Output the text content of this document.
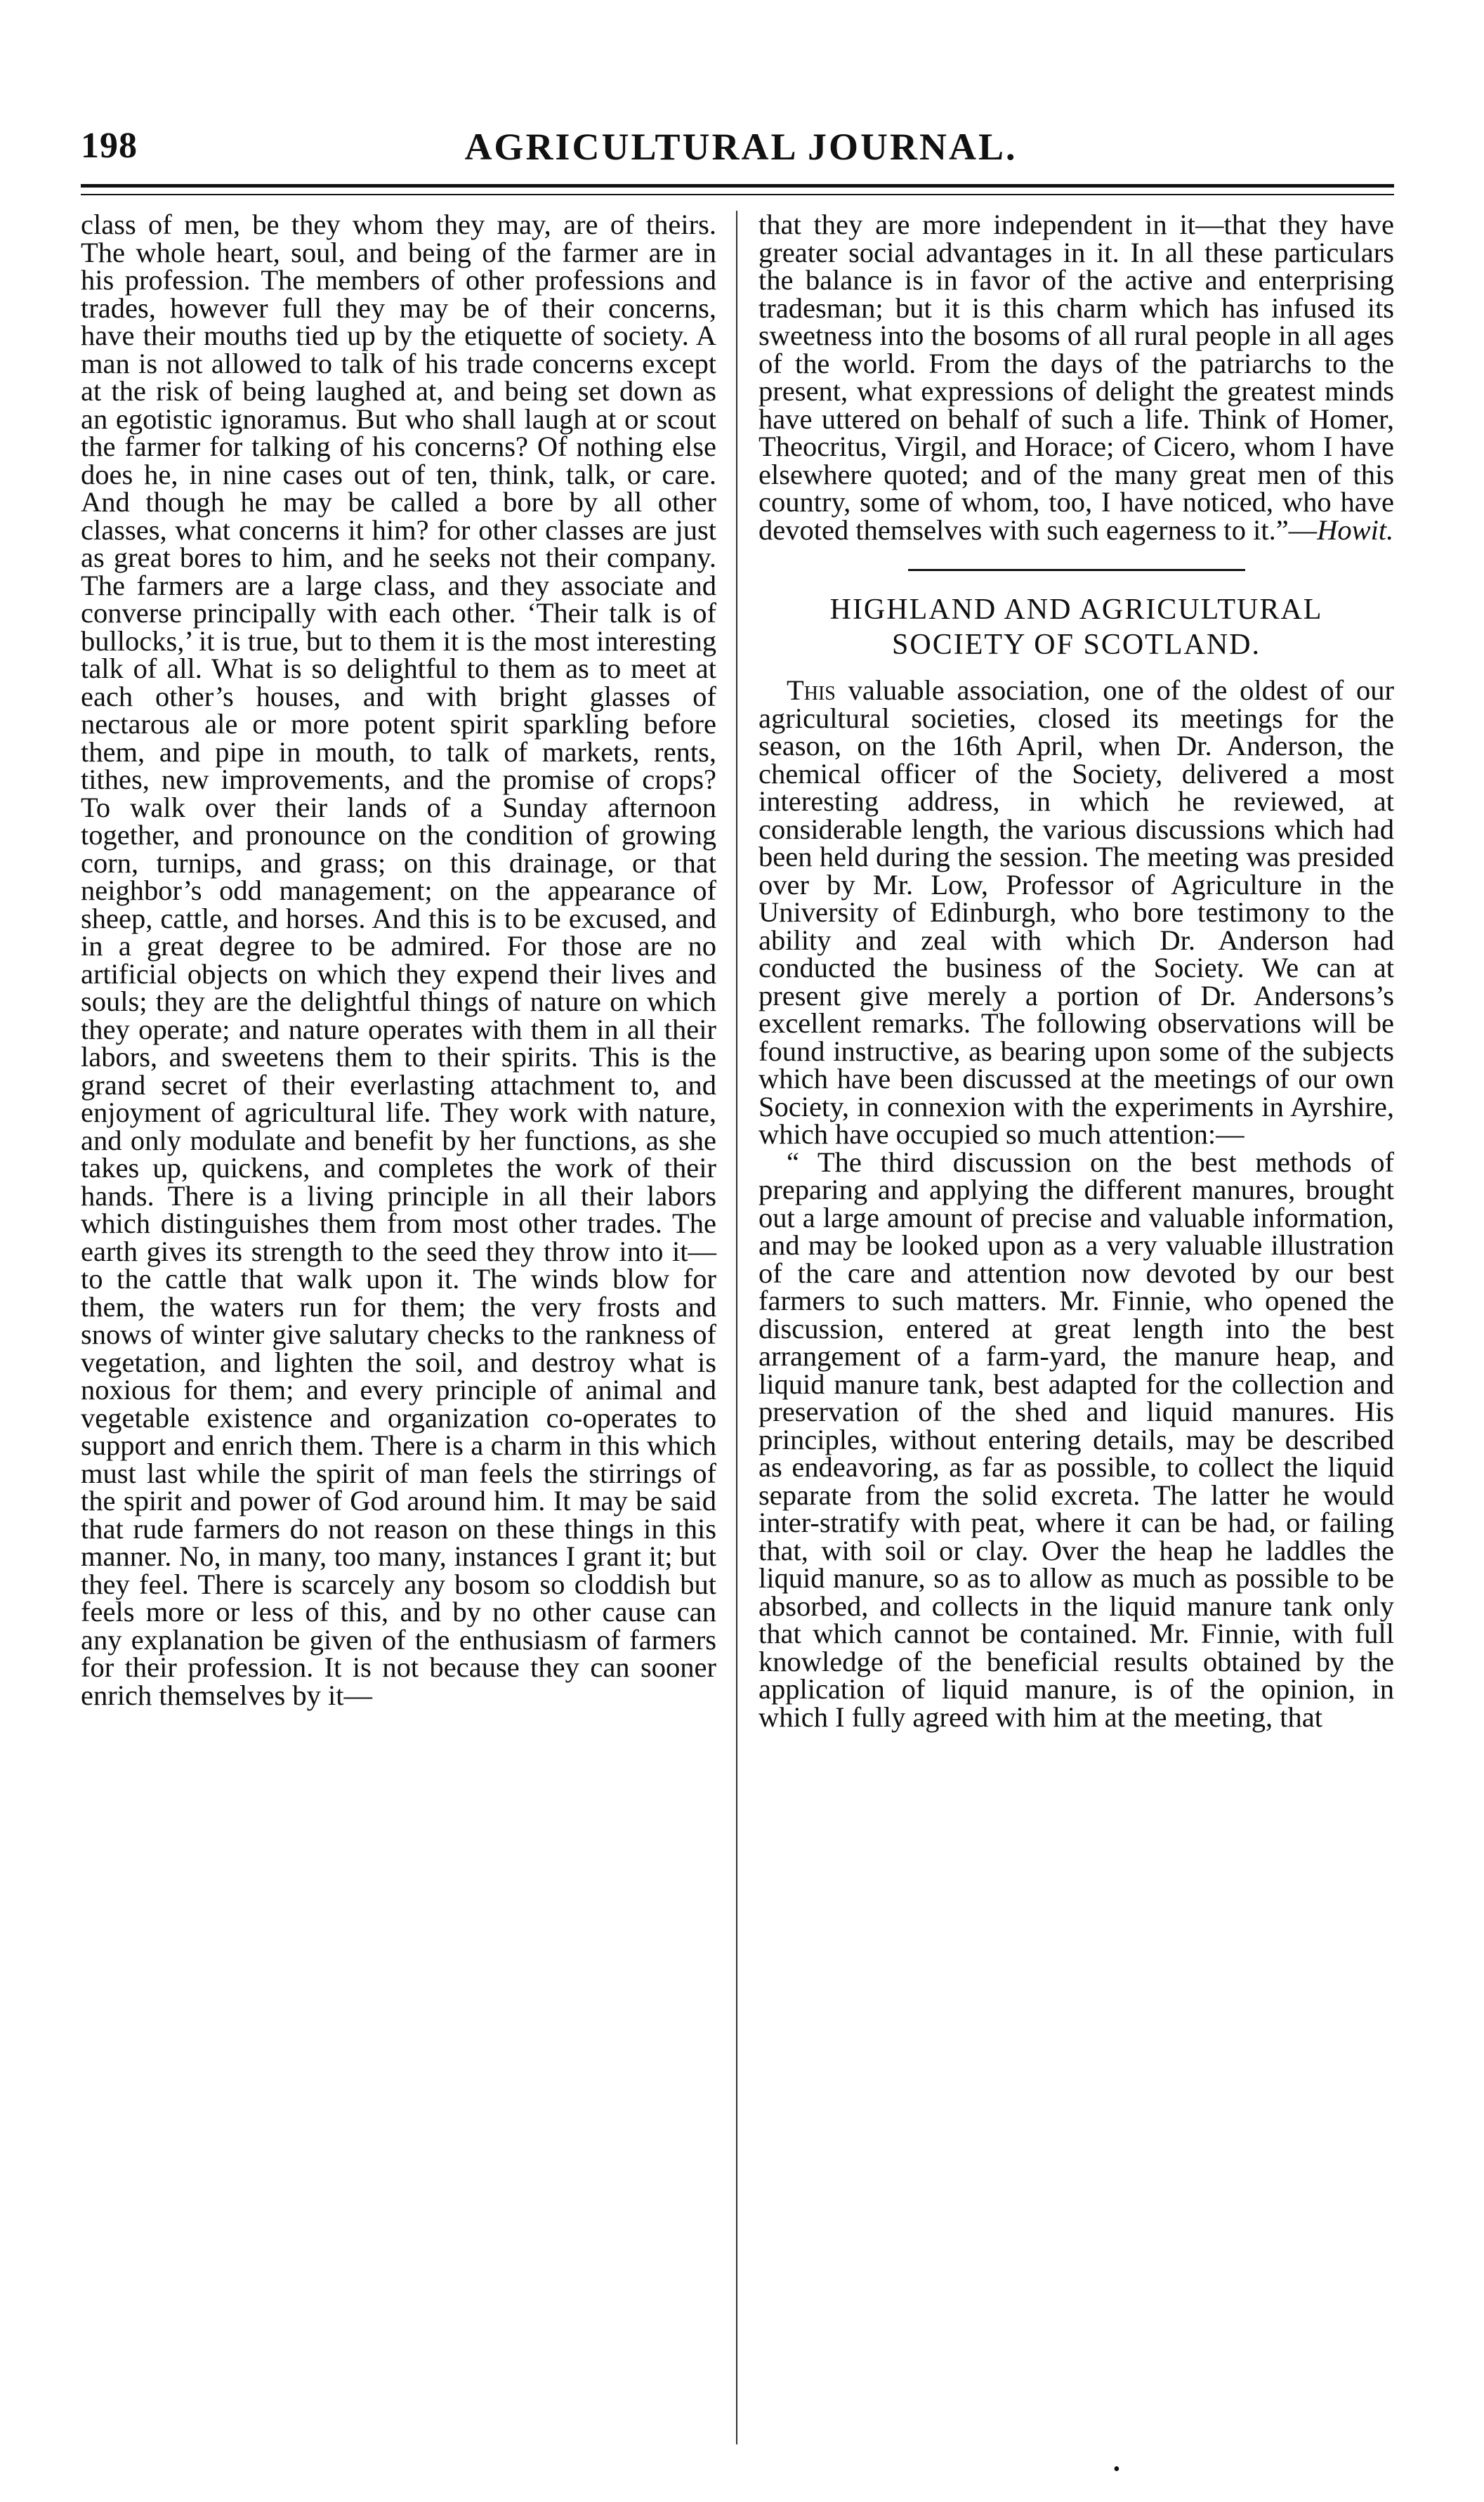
198	AGRICULTURAL JOURNAL.

class of men, be they whom they may, are of theirs. The whole heart, soul, and being of the farmer are in his profession. The members of other professions and trades, however full they may be of their concerns, have their mouths tied up by the etiquette of society. A man is not allowed to talk of his trade concerns except at the risk of being laughed at, and being set down as an egotistic ignoramus. But who shall laugh at or scout the farmer for talking of his concerns? Of nothing else does he, in nine cases out of ten, think, talk, or care. And though he may be called a bore by all other classes, what concerns it him? for other classes are just as great bores to him, and he seeks not their company. The farmers are a large class, and they associate and converse principally with each other. ‘Their talk is of bullocks,’ it is true, but to them it is the most interesting talk of all. What is so delightful to them as to meet at each other’s houses, and with bright glasses of nectarous ale or more potent spirit sparkling before them, and pipe in mouth, to talk of markets, rents, tithes, new improvements, and the promise of crops? To walk over their lands of a Sunday afternoon together, and pronounce on the condition of growing corn, turnips, and grass; on this drainage, or that neighbor’s odd management; on the appearance of sheep, cattle, and horses. And this is to be excused, and in a great degree to be admired. For those are no artificial objects on which they expend their lives and souls; they are the delightful things of nature on which they operate; and nature operates with them in all their labors, and sweetens them to their spirits. This is the grand secret of their everlasting attachment to, and enjoyment of agricultural life. They work with nature, and only modulate and benefit by her functions, as she takes up, quickens, and completes the work of their hands. There is a living principle in all their labors which distinguishes them from most other trades. The earth gives its strength to the seed they throw into it—to the cattle that walk upon it. The winds blow for them, the waters run for them; the very frosts and snows of winter give salutary checks to the rankness of vegetation, and lighten the soil, and destroy what is noxious for them; and every principle of animal and vegetable existence and organization co-operates to support and enrich them. There is a charm in this which must last while the spirit of man feels the stirrings of the spirit and power of God around him. It may be said that rude farmers do not reason on these things in this manner. No, in many, too many, instances I grant it; but they feel. There is scarcely any bosom so cloddish but feels more or less of this, and by no other cause can any explanation be given of the enthusiasm of farmers for their profession. It is not because they can sooner enrich themselves by it—

that they are more independent in it—that they have greater social advantages in it. In all these particulars the balance is in favor of the active and enterprising tradesman; but it is this charm which has infused its sweetness into the bosoms of all rural people in all ages of the world. From the days of the patriarchs to the present, what expressions of delight the greatest minds have uttered on behalf of such a life. Think of Homer, Theocritus, Virgil, and Horace; of Cicero, whom I have elsewhere quoted; and of the many great men of this country, some of whom, too, I have noticed, who have devoted themselves with such eagerness to it.”—Howit.

HIGHLAND AND AGRICULTURAL
SOCIETY OF SCOTLAND.

This valuable association, one of the oldest of our agricultural societies, closed its meetings for the season, on the 16th April, when Dr. Anderson, the chemical officer of the Society, delivered a most interesting address, in which he reviewed, at considerable length, the various discussions which had been held during the session. The meeting was presided over by Mr. Low, Professor of Agriculture in the University of Edinburgh, who bore testimony to the ability and zeal with which Dr. Anderson had conducted the business of the Society. We can at present give merely a portion of Dr. Andersons’s excellent remarks. The following observations will be found instructive, as bearing upon some of the subjects which have been discussed at the meetings of our own Society, in connexion with the experiments in Ayrshire, which have occupied so much attention:—

“ The third discussion on the best methods of preparing and applying the different manures, brought out a large amount of precise and valuable information, and may be looked upon as a very valuable illustration of the care and attention now devoted by our best farmers to such matters. Mr. Finnie, who opened the discussion, entered at great length into the best arrangement of a farm-yard, the manure heap, and liquid manure tank, best adapted for the collection and preservation of the shed and liquid manures. His principles, without entering details, may be described as endeavoring, as far as possible, to collect the liquid separate from the solid excreta. The latter he would inter-stratify with peat, where it can be had, or failing that, with soil or clay. Over the heap he laddles the liquid manure, so as to allow as much as possible to be absorbed, and collects in the liquid manure tank only that which cannot be contained. Mr. Finnie, with full knowledge of the beneficial results obtained by the application of liquid manure, is of the opinion, in which I fully agreed with him at the meeting, that

•
